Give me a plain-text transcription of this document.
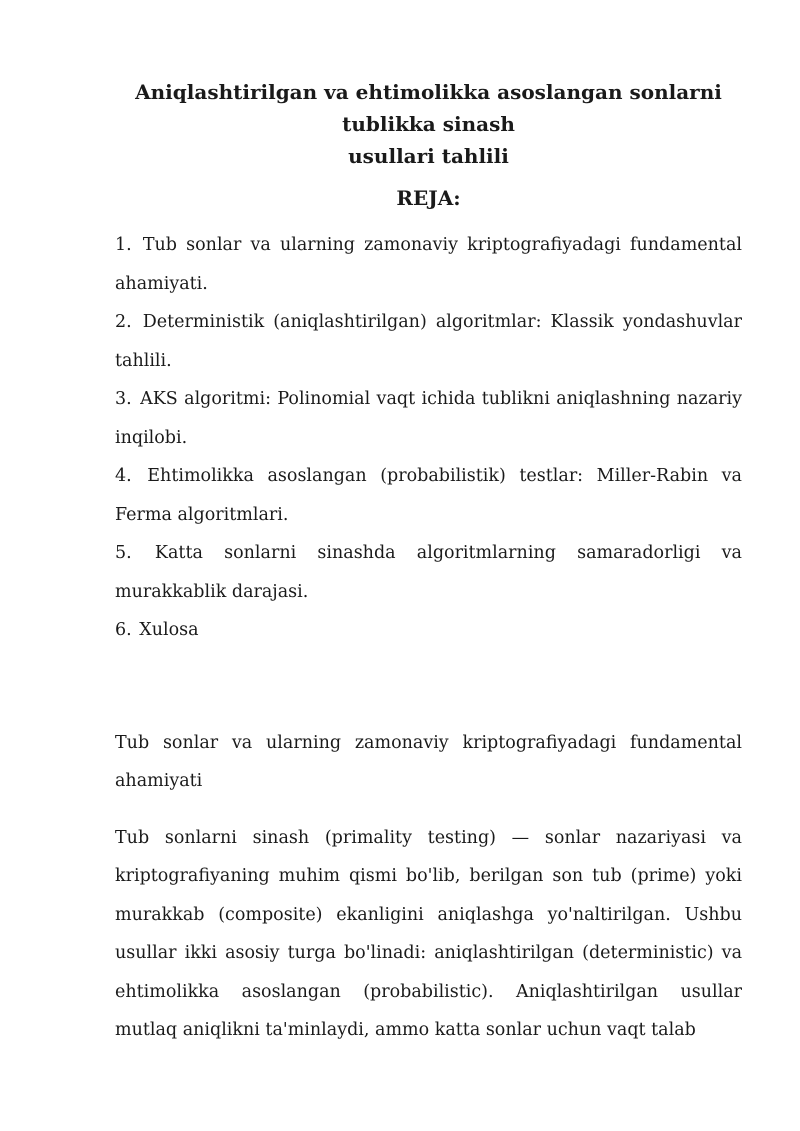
Aniqlashtirilgan va ehtimolikka asoslangan sonlarni
tublikka sinash
usullari tahlili
REJA:
1. Tub sonlar va ularning zamonaviy kriptografiyadagi fundamental ahamiyati.
2. Deterministik (aniqlashtirilgan) algoritmlar: Klassik yondashuvlar tahlili.
3. AKS algoritmi: Polinomial vaqt ichida tublikni aniqlashning nazariy inqilobi.
4. Ehtimolikka asoslangan (probabilistik) testlar: Miller-Rabin va Ferma algoritmlari.
5. Katta sonlarni sinashda algoritmlarning samaradorligi va murakkablik darajasi.
6. Xulosa

Tub sonlar va ularning zamonaviy kriptografiyadagi fundamental ahamiyati

Tub sonlarni sinash (primality testing) — sonlar nazariyasi va kriptografiyaning muhim qismi bo'lib, berilgan son tub (prime) yoki murakkab (composite) ekanligini aniqlashga yo'naltirilgan. Ushbu usullar ikki asosiy turga bo'linadi: aniqlashtirilgan (deterministic) va ehtimolikka asoslangan (probabilistic). Aniqlashtirilgan usullar mutlaq aniqlikni ta'minlaydi, ammo katta sonlar uchun vaqt talab
